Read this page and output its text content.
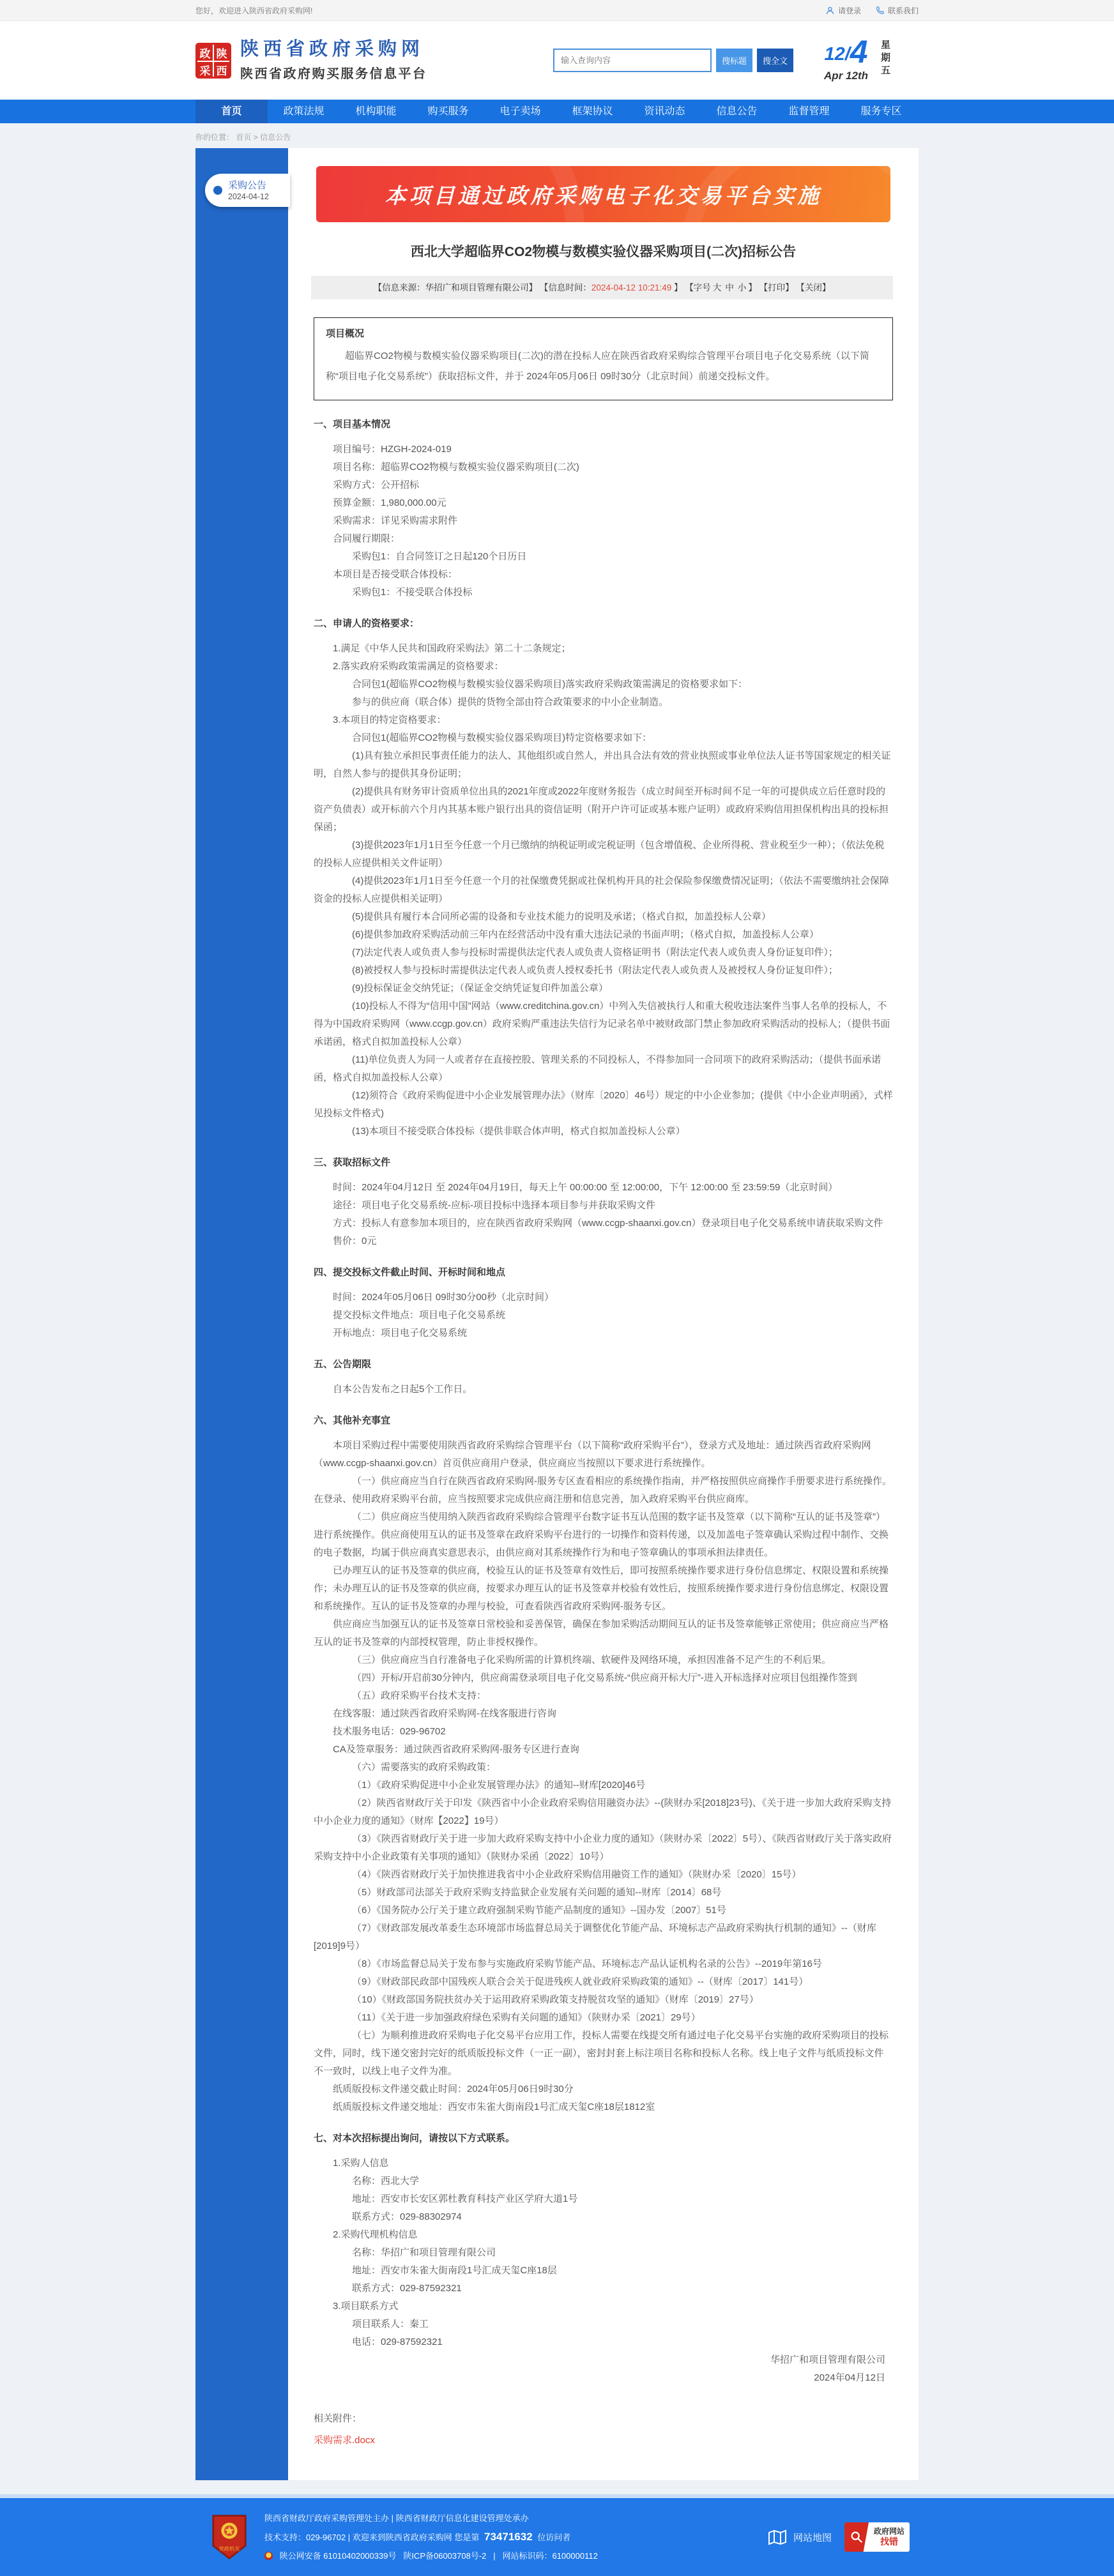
您好，欢迎进入陕西省政府采购网!	请登录	联系我们
政 陕
采 西
陕西省政府采购网
陕西省政府购买服务信息平台
输入查询内容
搜标题	搜全文	12/ 4
Apr 12th 星期五
首页	政策法规	机构职能	购买服务	电子卖场	框架协议	资讯动态	信息公告	监督管理	服务专区
你的位置： 首页 > 信息公告
采购公告
2024-04-12	本项目通过政府采购电子化交易平台实施
西北大学超临界CO2物模与数模实验仪器采购项目(二次)招标公告
【信息来源：华招广和项目管理有限公司】 【信息时间：2024-04-12 10:21:49 】 【字号 大 中 小 】 【打印】 【关闭】
项目概况

超临界CO2物模与数模实验仪器采购项目(二次)的潜在投标人应在陕西省政府采购综合管理平台项目电子化交易系统（以下简称“项目电子化交易系统”）获取招标文件，并于 2024年05月06日 09时30分（北京时间）前递交投标文件。

一、项目基本情况

项目编号：HZGH-2024-019

项目名称：超临界CO2物模与数模实验仪器采购项目(二次)

采购方式：公开招标

预算金额：1,980,000.00元

采购需求：详见采购需求附件

合同履行期限：

采购包1：自合同签订之日起120个日历日

本项目是否接受联合体投标：

采购包1：不接受联合体投标

二、申请人的资格要求：

1.满足《中华人民共和国政府采购法》第二十二条规定；

2.落实政府采购政策需满足的资格要求：

合同包1(超临界CO2物模与数模实验仪器采购项目)落实政府采购政策需满足的资格要求如下：

参与的供应商（联合体）提供的货物全部由符合政策要求的中小企业制造。

3.本项目的特定资格要求：

合同包1(超临界CO2物模与数模实验仪器采购项目)特定资格要求如下：

(1)具有独立承担民事责任能力的法人、其他组织或自然人，并出具合法有效的营业执照或事业单位法人证书等国家规定的相关证明，自然人参与的提供其身份证明；

(2)提供具有财务审计资质单位出具的2021年度或2022年度财务报告（成立时间至开标时间不足一年的可提供成立后任意时段的资产负债表）或开标前六个月内其基本账户银行出具的资信证明（附开户许可证或基本账户证明）或政府采购信用担保机构出具的投标担保函；

(3)提供2023年1月1日至今任意一个月已缴纳的纳税证明或完税证明（包含增值税、企业所得税、营业税至少一种）；（依法免税的投标人应提供相关文件证明）

(4)提供2023年1月1日至今任意一个月的社保缴费凭据或社保机构开具的社会保险参保缴费情况证明；（依法不需要缴纳社会保障资金的投标人应提供相关证明）

(5)提供具有履行本合同所必需的设备和专业技术能力的说明及承诺；（格式自拟，加盖投标人公章）

(6)提供参加政府采购活动前三年内在经营活动中没有重大违法记录的书面声明；（格式自拟，加盖投标人公章）

(7)法定代表人或负责人参与投标时需提供法定代表人或负责人资格证明书（附法定代表人或负责人身份证复印件）；

(8)被授权人参与投标时需提供法定代表人或负责人授权委托书（附法定代表人或负责人及被授权人身份证复印件）；

(9)投标保证金交纳凭证；（保证金交纳凭证复印件加盖公章）

(10)投标人不得为“信用中国”网站（www.creditchina.gov.cn）中列入失信被执行人和重大税收违法案件当事人名单的投标人，不得为中国政府采购网（www.ccgp.gov.cn）政府采购严重违法失信行为记录名单中被财政部门禁止参加政府采购活动的投标人；（提供书面承诺函，格式自拟加盖投标人公章）

(11)单位负责人为同一人或者存在直接控股、管理关系的不同投标人，不得参加同一合同项下的政府采购活动；（提供书面承诺函，格式自拟加盖投标人公章）

(12)须符合《政府采购促进中小企业发展管理办法》（财库〔2020〕46号）规定的中小企业参加；(提供《中小企业声明函》，式样见投标文件格式)

(13)本项目不接受联合体投标（提供非联合体声明，格式自拟加盖投标人公章）

三、获取招标文件

时间：2024年04月12日 至 2024年04月19日，每天上午 00:00:00 至 12:00:00，下午 12:00:00 至 23:59:59（北京时间）

途径：项目电子化交易系统-应标-项目投标中选择本项目参与并获取采购文件

方式：投标人有意参加本项目的，应在陕西省政府采购网（www.ccgp-shaanxi.gov.cn）登录项目电子化交易系统申请获取采购文件

售价：0元

四、提交投标文件截止时间、开标时间和地点

时间：2024年05月06日 09时30分00秒（北京时间）

提交投标文件地点：项目电子化交易系统

开标地点：项目电子化交易系统

五、公告期限

自本公告发布之日起5个工作日。

六、其他补充事宜

本项目采购过程中需要使用陕西省政府采购综合管理平台（以下简称“政府采购平台”），登录方式及地址：通过陕西省政府采购网（www.ccgp-shaanxi.gov.cn）首页供应商用户登录，供应商应当按照以下要求进行系统操作。

（一）供应商应当自行在陕西省政府采购网-服务专区查看相应的系统操作指南，并严格按照供应商操作手册要求进行系统操作。在登录、使用政府采购平台前，应当按照要求完成供应商注册和信息完善，加入政府采购平台供应商库。

（二）供应商应当使用纳入陕西省政府采购综合管理平台数字证书互认范围的数字证书及签章（以下简称“互认的证书及签章”）进行系统操作。供应商使用互认的证书及签章在政府采购平台进行的一切操作和资料传递，以及加盖电子签章确认采购过程中制作、交换的电子数据，均属于供应商真实意思表示，由供应商对其系统操作行为和电子签章确认的事项承担法律责任。

已办理互认的证书及签章的供应商，校验互认的证书及签章有效性后，即可按照系统操作要求进行身份信息绑定、权限设置和系统操作；未办理互认的证书及签章的供应商，按要求办理互认的证书及签章并校验有效性后，按照系统操作要求进行身份信息绑定、权限设置和系统操作。互认的证书及签章的办理与校验，可查看陕西省政府采购网-服务专区。

供应商应当加强互认的证书及签章日常校验和妥善保管，确保在参加采购活动期间互认的证书及签章能够正常使用；供应商应当严格互认的证书及签章的内部授权管理，防止非授权操作。

（三）供应商应当自行准备电子化采购所需的计算机终端、软硬件及网络环境，承担因准备不足产生的不利后果。

（四）开标/开启前30分钟内，供应商需登录项目电子化交易系统-“供应商开标大厅”-进入开标选择对应项目包组操作签到

（五）政府采购平台技术支持：

在线客服：通过陕西省政府采购网-在线客服进行咨询

技术服务电话：029-96702

CA及签章服务：通过陕西省政府采购网-服务专区进行查询

（六）需要落实的政府采购政策：

（1）《政府采购促进中小企业发展管理办法》的通知--财库[2020]46号

（2）陕西省财政厅关于印发《陕西省中小企业政府采购信用融资办法》--(陕财办采[2018]23号)、《关于进一步加大政府采购支持中小企业力度的通知》（财库【2022】19号）

（3）《陕西省财政厅关于进一步加大政府采购支持中小企业力度的通知》（陕财办采〔2022〕5号）、《陕西省财政厅关于落实政府采购支持中小企业政策有关事项的通知》（陕财办采函〔2022〕10号）

（4）《陕西省财政厅关于加快推进我省中小企业政府采购信用融资工作的通知》（陕财办采〔2020〕15号）

（5）财政部司法部关于政府采购支持监狱企业发展有关问题的通知--财库〔2014〕68号

（6）《国务院办公厅关于建立政府强制采购节能产品制度的通知》--国办发〔2007〕51号

（7）《财政部发展改革委生态环境部市场监督总局关于调整优化节能产品、环境标志产品政府采购执行机制的通知》--（财库[2019]9号）

（8）《市场监督总局关于发布参与实施政府采购节能产品、环境标志产品认证机构名录的公告》--2019年第16号

（9）《财政部民政部中国残疾人联合会关于促进残疾人就业政府采购政策的通知》--（财库〔2017〕141号）

（10）《财政部国务院扶贫办关于运用政府采购政策支持脱贫攻坚的通知》（财库〔2019〕27号）

（11）《关于进一步加强政府绿色采购有关问题的通知》（陕财办采〔2021〕29号）

（七）为顺利推进政府采购电子化交易平台应用工作，投标人需要在线提交所有通过电子化交易平台实施的政府采购项目的投标文件，同时，线下递交密封完好的纸质版投标文件（一正一副），密封封套上标注项目名称和投标人名称。线上电子文件与纸质投标文件不一致时，以线上电子文件为准。

纸质版投标文件递交截止时间：2024年05月06日9时30分

纸质版投标文件递交地址：西安市朱雀大街南段1号汇成天玺C座18层1812室

七、对本次招标提出询问，请按以下方式联系。

1.采购人信息

名称：西北大学

地址：西安市长安区郭杜教育科技产业区学府大道1号

联系方式：029-88302974

2.采购代理机构信息

名称：华招广和项目管理有限公司

地址：西安市朱雀大街南段1号汇成天玺C座18层

联系方式：029-87592321

3.项目联系方式

项目联系人：秦工

电话：029-87592321

华招广和项目管理有限公司

2024年04月12日

相关附件：
采购需求.docx
党政机关
陕西省财政厅政府采购管理处主办 | 陕西省财政厅信息化建设管理处承办
技术支持：029-96702 | 欢迎来到陕西省政府采购网 您是第 73471632 位访问者
陕公网安备 61010402000339号 陕ICP备06003708号-2 | 网站标识码：6100000112
网站地图
政府网站
找错
